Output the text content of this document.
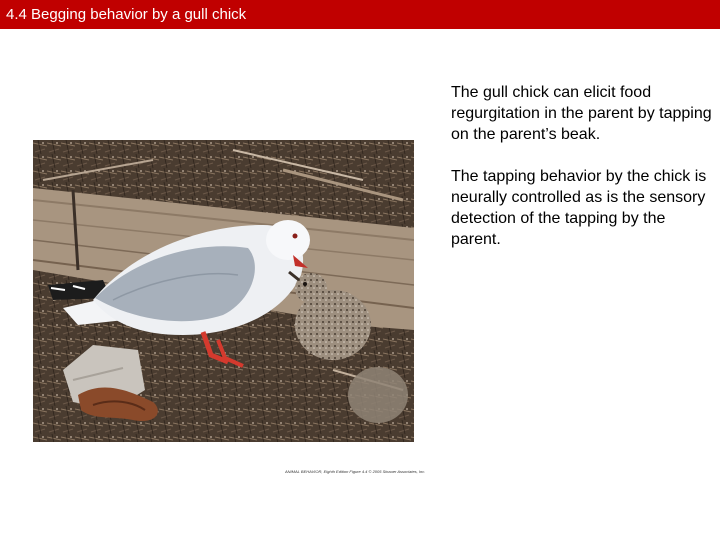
4.4 Begging behavior by a gull chick

The gull chick can elicit food regurgitation in the parent by tapping on the parent’s beak.

The tapping behavior by the chick is neurally controlled as is the sensory detection of the tapping by the parent.

ANIMAL BEHAVIOR, Eighth Edition Figure 4.4 © 2005 Sinauer Associates, Inc.
